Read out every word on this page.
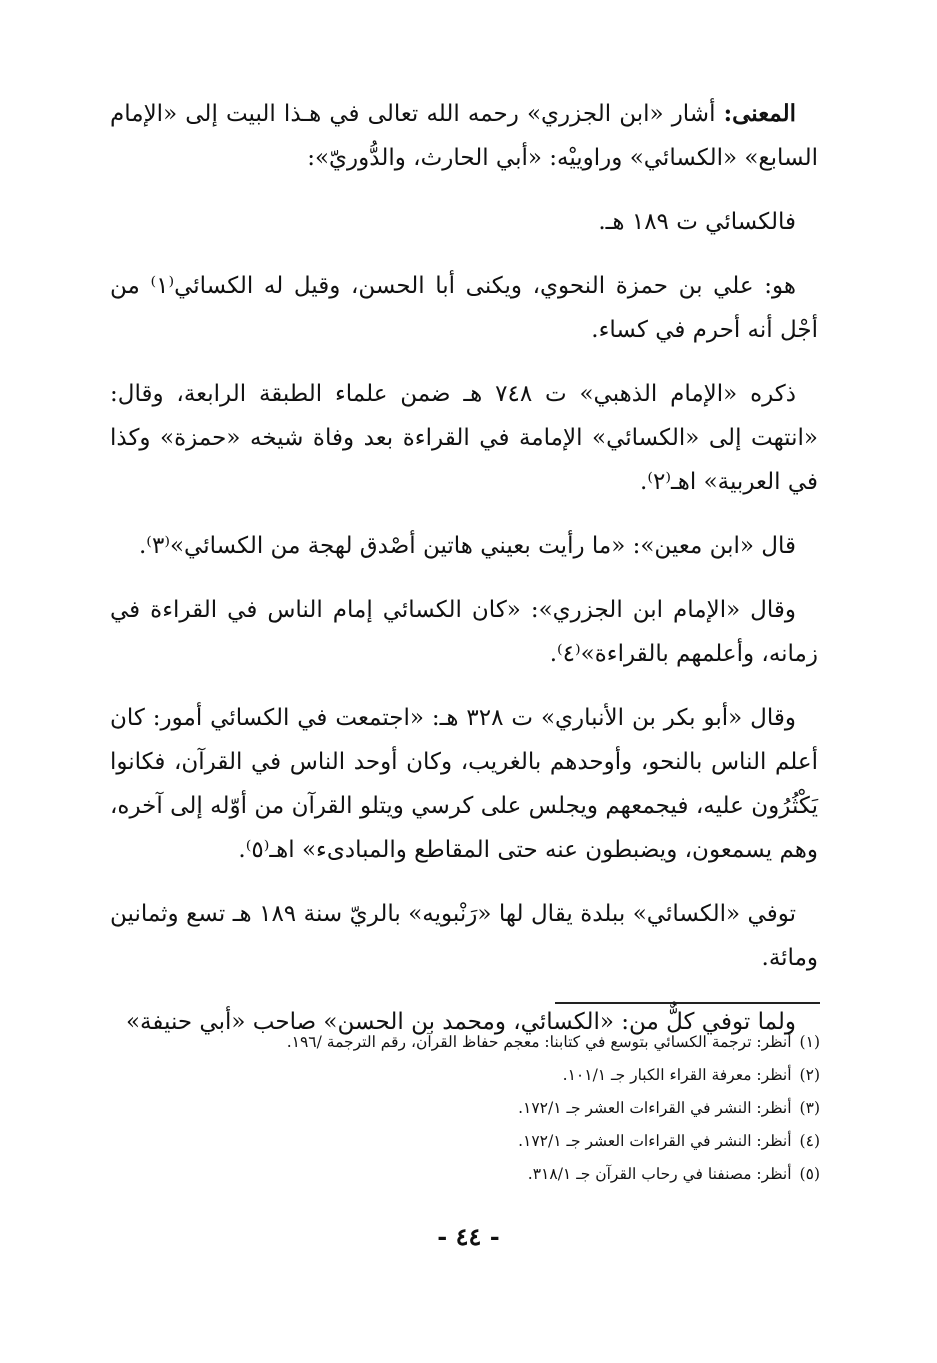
المعنى: أشار «ابن الجزري» رحمه الله تعالى في هـذا البيت إلى «الإمام السابع» «الكسائي» وراوييْه: «أبي الحارث، والدُّوريّ»:

فالكسائي ت ١٨٩ هـ.

هو: علي بن حمزة النحوي، ويكنى أبا الحسن، وقيل له الكسائي⁽١⁾ من أجْل أنه أحرم في كساء.

ذكره «الإمام الذهبي» ت ٧٤٨ هـ ضمن علماء الطبقة الرابعة، وقال: «انتهت إلى «الكسائي» الإمامة في القراءة بعد وفاة شيخه «حمزة» وكذا في العربية» اهـ⁽٢⁾.

قال «ابن معين»: «ما رأيت بعيني هاتين أصْدق لهجة من الكسائي»⁽٣⁾.

وقال «الإمام ابن الجزري»: «كان الكسائي إمام الناس في القراءة في زمانه، وأعلمهم بالقراءة»⁽٤⁾.

وقال «أبو بكر بن الأنباري» ت ٣٢٨ هـ: «اجتمعت في الكسائي أمور: كان أعلم الناس بالنحو، وأوحدهم بالغريب، وكان أوحد الناس في القرآن، فكانوا يَكْثُرُون عليه، فيجمعهم ويجلس على كرسي ويتلو القرآن من أوّله إلى آخره، وهم يسمعون، ويضبطون عنه حتى المقاطع والمبادىء» اهـ⁽٥⁾.

توفي «الكسائي» ببلدة يقال لها «رَنْبويه» بالريّ سنة ١٨٩ هـ تسع وثمانين ومائة.

ولما توفي كلٌّ من: «الكسائي، ومحمد بن الحسن» صاحب «أبي حنيفة»

(١)أنظر: ترجمة الكسائي بتوسع في كتابنا: معجم حفاظ القرآن، رقم الترجمة /١٩٦.
(٢)أنظر: معرفة القراء الكبار جـ ١٠١/١.
(٣)أنظر: النشر في القراءات العشر جـ ١٧٢/١.
(٤)أنظر: النشر في القراءات العشر جـ ١٧٢/١.
(٥)أنظر: مصنفنا في رحاب القرآن جـ ٣١٨/١.
- ٤٤ -
